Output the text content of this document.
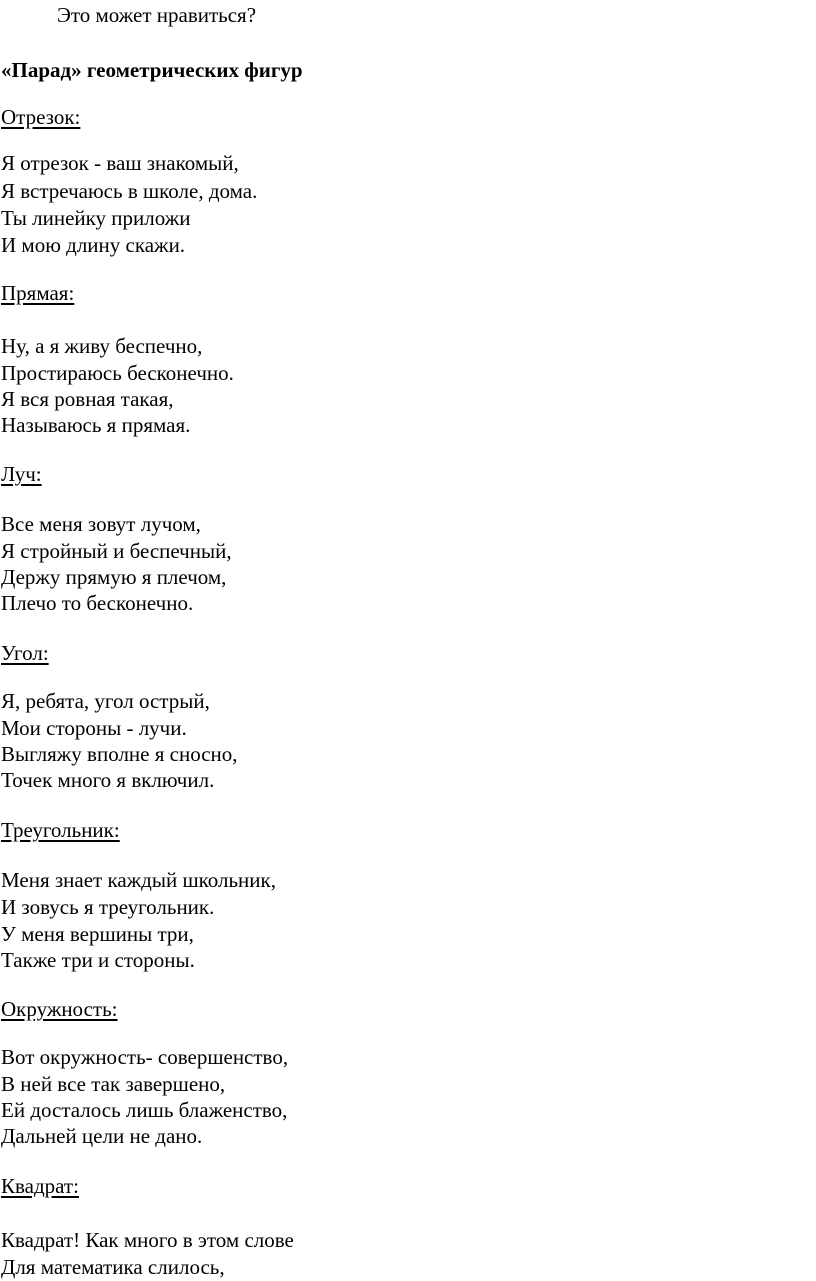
Это может нравиться?
«Парад» геометрических фигур
Отрезок:
Я отрезок - ваш знакомый,
Я встречаюсь в школе, дома.
Ты линейку приложи
И мою длину скажи.
Прямая:
Ну, а я живу беспечно,
Простираюсь бесконечно.
Я вся ровная такая,
Называюсь я прямая.
Луч:
Все меня зовут лучом,
Я стройный и беспечный,
Держу прямую я плечом,
Плечо то бесконечно.
Угол:
Я, ребята, угол острый,
Мои стороны - лучи.
Выгляжу вполне я сносно,
Точек много я включил.
Треугольник:
Меня знает каждый школьник,
И зовусь я треугольник.
У меня вершины три,
Также три и стороны.
Окружность:
Вот окружность- совершенство,
В ней все так завершено,
Ей досталось лишь блаженство,
Дальней цели не дано.
Квадрат:
Квадрат! Как много в этом слове
Для математика слилось,
